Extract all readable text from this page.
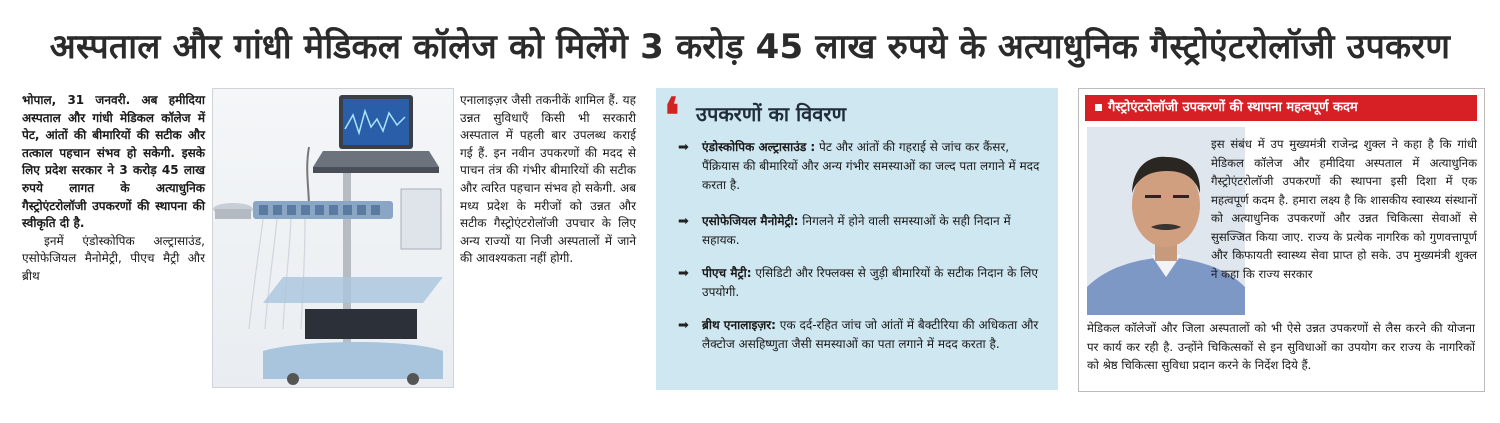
अस्पताल और गांधी मेडिकल कॉलेज को मिलेंगे 3 करोड़ 45 लाख रुपये के अत्याधुनिक गैस्ट्रोएंटरोलॉजी उपकरण

भोपाल, 31 जनवरी. अब हमीदिया अस्पताल और गांधी मेडिकल कॉलेज में पेट, आंतों की बीमारियों की सटीक और तत्काल पहचान संभव हो सकेगी. इसके लिए प्रदेश सरकार ने 3 करोड़ 45 लाख रुपये लागत के अत्याधुनिक गैस्ट्रोएंटरोलॉजी उपकरणों की स्थापना की स्वीकृति दी है.

इनमें एंडोस्कोपिक अल्ट्रासाउंड, एसोफेजियल मैनोमेट्री, पीएच मैट्री और ब्रीथ

एनालाइज़र जैसी तकनीकें शामिल हैं. यह उन्नत सुविधाएँ किसी भी सरकारी अस्पताल में पहली बार उपलब्ध कराई गई हैं. इन नवीन उपकरणों की मदद से पाचन तंत्र की गंभीर बीमारियों की सटीक और त्वरित पहचान संभव हो सकेगी. अब मध्य प्रदेश के मरीजों को उन्नत और सटीक गैस्ट्रोएंटरोलॉजी उपचार के लिए अन्य राज्यों या निजी अस्पतालों में जाने की आवश्यकता नहीं होगी.

❛ उपकरणों का विवरण
➡ एंडोस्कोपिक अल्ट्रासाउंड : पेट और आंतों की गहराई से जांच कर कैंसर, पैंक्रियास की बीमारियों और अन्य गंभीर समस्याओं का जल्द पता लगाने में मदद करता है.
➡ एसोफेजियल मैनोमेट्री: निगलने में होने वाली समस्याओं के सही निदान में सहायक.
➡ पीएच मैट्री: एसिडिटी और रिफ्लक्स से जुड़ी बीमारियों के सटीक निदान के लिए उपयोगी.
➡ ब्रीथ एनालाइज़र: एक दर्द-रहित जांच जो आंतों में बैक्टीरिया की अधिकता और लैक्टोज असहिष्णुता जैसी समस्याओं का पता लगाने में मदद करता है.
गैस्ट्रोएंटरोलॉजी उपकरणों की स्थापना महत्वपूर्ण कदम

इस संबंध में उप मुख्यमंत्री राजेन्द्र शुक्ल ने कहा है कि गांधी मेडिकल कॉलेज और हमीदिया अस्पताल में अत्याधुनिक गैस्ट्रोएंटरोलॉजी उपकरणों की स्थापना इसी दिशा में एक महत्वपूर्ण कदम है. हमारा लक्ष्य है कि शासकीय स्वास्थ्य संस्थानों को अत्याधुनिक उपकरणों और उन्नत चिकित्सा सेवाओं से सुसज्जित किया जाए. राज्य के प्रत्येक नागरिक को गुणवत्तापूर्ण और किफायती स्वास्थ्य सेवा प्राप्त हो सके. उप मुख्यमंत्री शुक्ल ने कहा कि राज्य सरकार

मेडिकल कॉलेजों और जिला अस्पतालों को भी ऐसे उन्नत उपकरणों से लैस करने की योजना पर कार्य कर रही है. उन्होंने चिकित्सकों से इन सुविधाओं का उपयोग कर राज्य के नागरिकों को श्रेष्ठ चिकित्सा सुविधा प्रदान करने के निर्देश दिये हैं.
